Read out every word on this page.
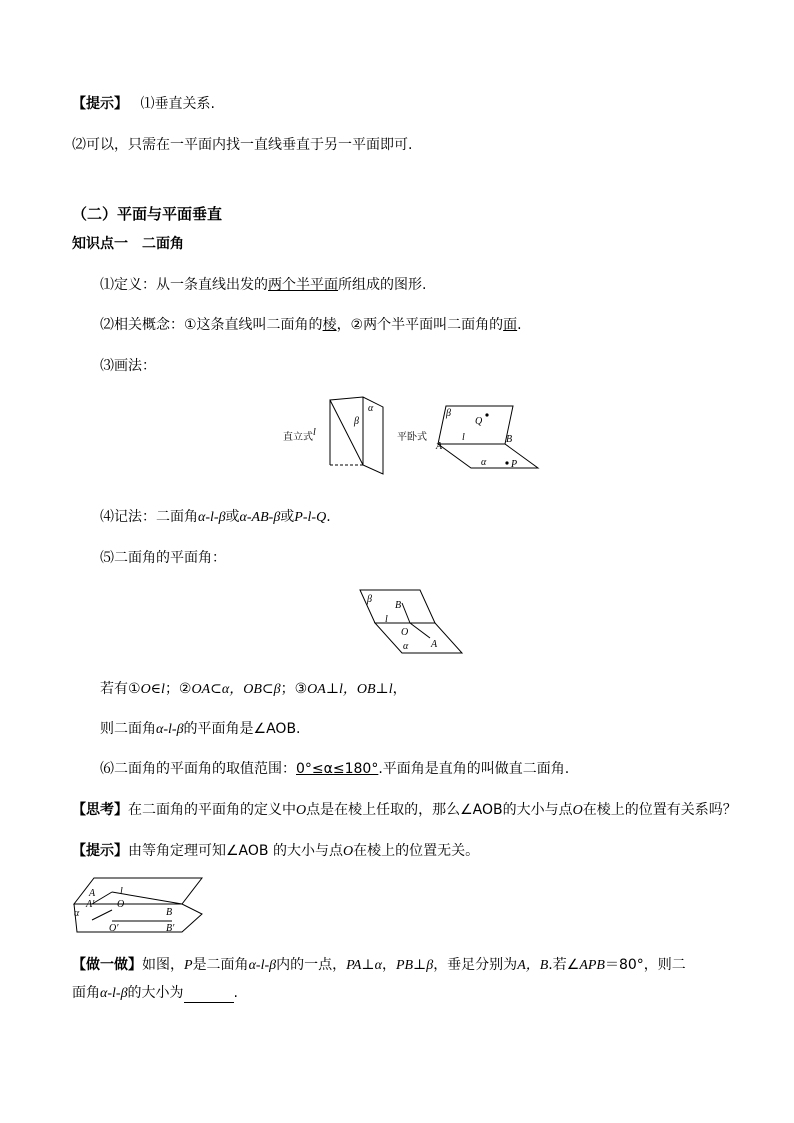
【提示】 ⑴垂直关系.
⑵可以，只需在一平面内找一直线垂直于另一平面即可.
（二）平面与平面垂直
知识点一　二面角
⑴定义：从一条直线出发的两个半平面所组成的图形.
⑵相关概念：①这条直线叫二面角的棱，②两个半平面叫二面角的面.
⑶画法：
直立式 l
β
α
平卧式
β
Q
l	B
A
α P
⑷记法：二面角α-l-β或α-AB-β或P-l-Q.
⑸二面角的平面角：
β
B
l
O
α A
若有①O∈l；②OA⊂α，OB⊂β；③OA⊥l，OB⊥l，
则二面角α-l-β的平面角是∠AOB.
⑹二面角的平面角的取值范围：0°≤α≤180°.平面角是直角的叫做直二面角.
【思考】在二面角的平面角的定义中O点是在棱上任取的，那么∠AOB的大小与点O在棱上的位置有关系吗？
【提示】由等角定理可知∠AOB 的大小与点O在棱上的位置无关。
A l
A′ O
α	B
O′	B′
【做一做】如图，P是二面角α-l-β内的一点，PA⊥α，PB⊥β，垂足分别为A，B.若∠APB＝80°，则二
面角α-l-β的大小为	.
